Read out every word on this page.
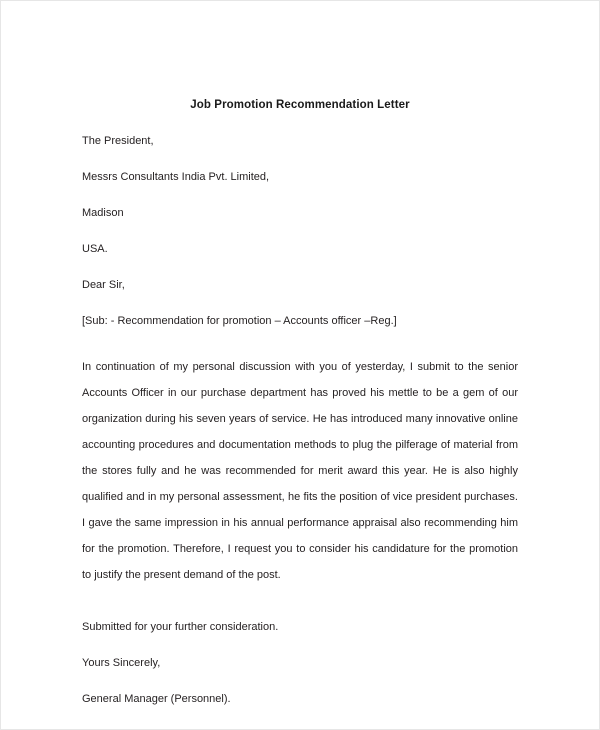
Job Promotion Recommendation Letter

The President,

Messrs Consultants India Pvt. Limited,

Madison

USA.

Dear Sir,

[Sub: - Recommendation for promotion – Accounts officer –Reg.]

In continuation of my personal discussion with you of yesterday, I submit to the senior Accounts Officer in our purchase department has proved his mettle to be a gem of our organization during his seven years of service. He has introduced many innovative online accounting procedures and documentation methods to plug the pilferage of material from the stores fully and he was recommended for merit award this year. He is also highly qualified and in my personal assessment, he fits the position of vice president purchases. I gave the same impression in his annual performance appraisal also recommending him for the promotion. Therefore, I request you to consider his candidature for the promotion to justify the present demand of the post.

Submitted for your further consideration.

Yours Sincerely,

General Manager (Personnel).
